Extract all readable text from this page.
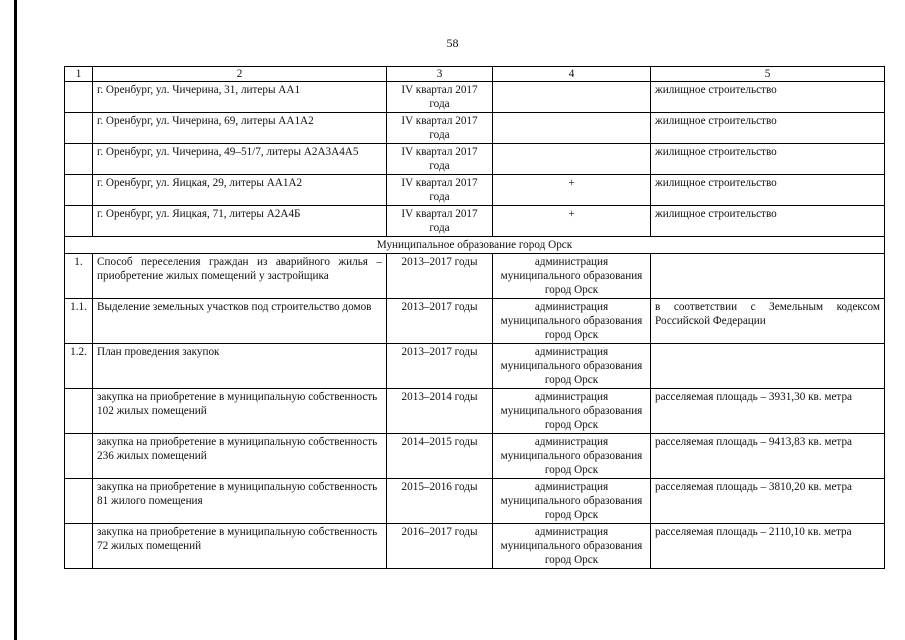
58
1	2	3	4	5
	г. Оренбург, ул. Чичерина, 31, литеры АА1	IV квартал 2017 года		жилищное строительство
	г. Оренбург, ул. Чичерина, 69, литеры АА1А2	IV квартал 2017 года		жилищное строительство
	г. Оренбург, ул. Чичерина, 49–51/7, литеры А2А3А4А5	IV квартал 2017 года		жилищное строительство
	г. Оренбург, ул. Яицкая, 29, литеры АА1А2	IV квартал 2017 года	+	жилищное строительство
	г. Оренбург, ул. Яицкая, 71, литеры А2А4Б	IV квартал 2017 года	+	жилищное строительство
Муниципальное образование город Орск				
1.	Способ переселения граждан из аварийного жилья – приобретение жилых помещений у застройщика	2013–2017 годы	администрация муниципального образования город Орск	
1.1.	Выделение земельных участков под строительство домов	2013–2017 годы	администрация муниципального образования город Орск	в соответствии с Земельным кодексом Российской Федерации
1.2.	План проведения закупок	2013–2017 годы	администрация муниципального образования город Орск	
	закупка на приобретение в муниципальную собственность 102 жилых помещений	2013–2014 годы	администрация муниципального образования город Орск	расселяемая площадь – 3931,30 кв. метра
	закупка на приобретение в муниципальную собственность 236 жилых помещений	2014–2015 годы	администрация муниципального образования город Орск	расселяемая площадь – 9413,83 кв. метра
	закупка на приобретение в муниципальную собственность 81 жилого помещения	2015–2016 годы	администрация муниципального образования город Орск	расселяемая площадь – 3810,20 кв. метра
	закупка на приобретение в муниципальную собственность 72 жилых помещений	2016–2017 годы	администрация муниципального образования город Орск	расселяемая площадь – 2110,10 кв. метра
